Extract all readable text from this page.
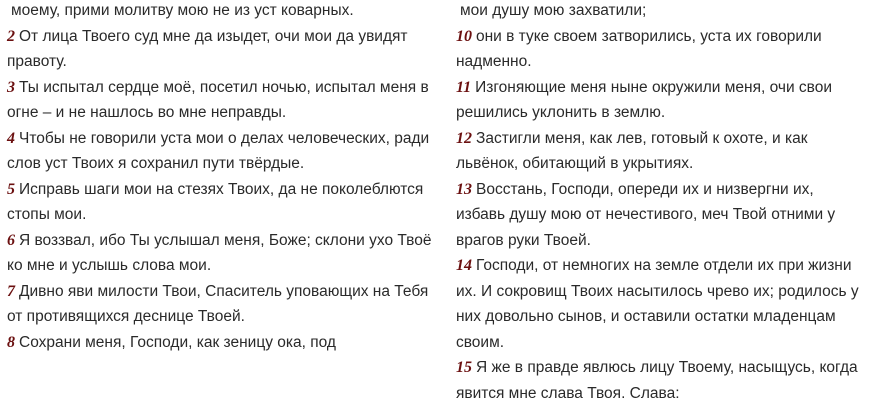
моему, прими молитву мою не из уст коварных.

2 От лица Твоего суд мне да изыдет, очи мои да увидят правоту.

3 Ты испытал сердце моё, посетил ночью, испытал меня в огне – и не нашлось во мне неправды.

4 Чтобы не говорили уста мои о делах человеческих, ради слов уст Твоих я сохранил пути твёрдые.

5 Исправь шаги мои на стезях Твоих, да не поколеблются стопы мои.

6 Я воззвал, ибо Ты услышал меня, Боже; склони ухо Твоё ко мне и услышь слова мои.

7 Дивно яви милости Твои, Спаситель уповающих на Тебя от противящихся деснице Твоей.

8 Сохрани меня, Господи, как зеницу ока, под

мои душу мою захватили;

10 они в туке своем затворились, уста их говорили надменно.

11 Изгоняющие меня ныне окружили меня, очи свои решились уклонить в землю.

12 Застигли меня, как лев, готовый к охоте, и как львёнок, обитающий в укрытиях.

13 Восстань, Господи, опереди их и низвергни их, избавь душу мою от нечестивого, меч Твой отними у врагов руки Твоей.

14 Господи, от немногих на земле отдели их при жизни их. И сокровищ Твоих насытилось чрево их; родилось у них довольно сынов, и оставили остатки младенцам своим.

15 Я же в правде явлюсь лицу Твоему, насыщусь, когда явится мне слава Твоя. Слава:
